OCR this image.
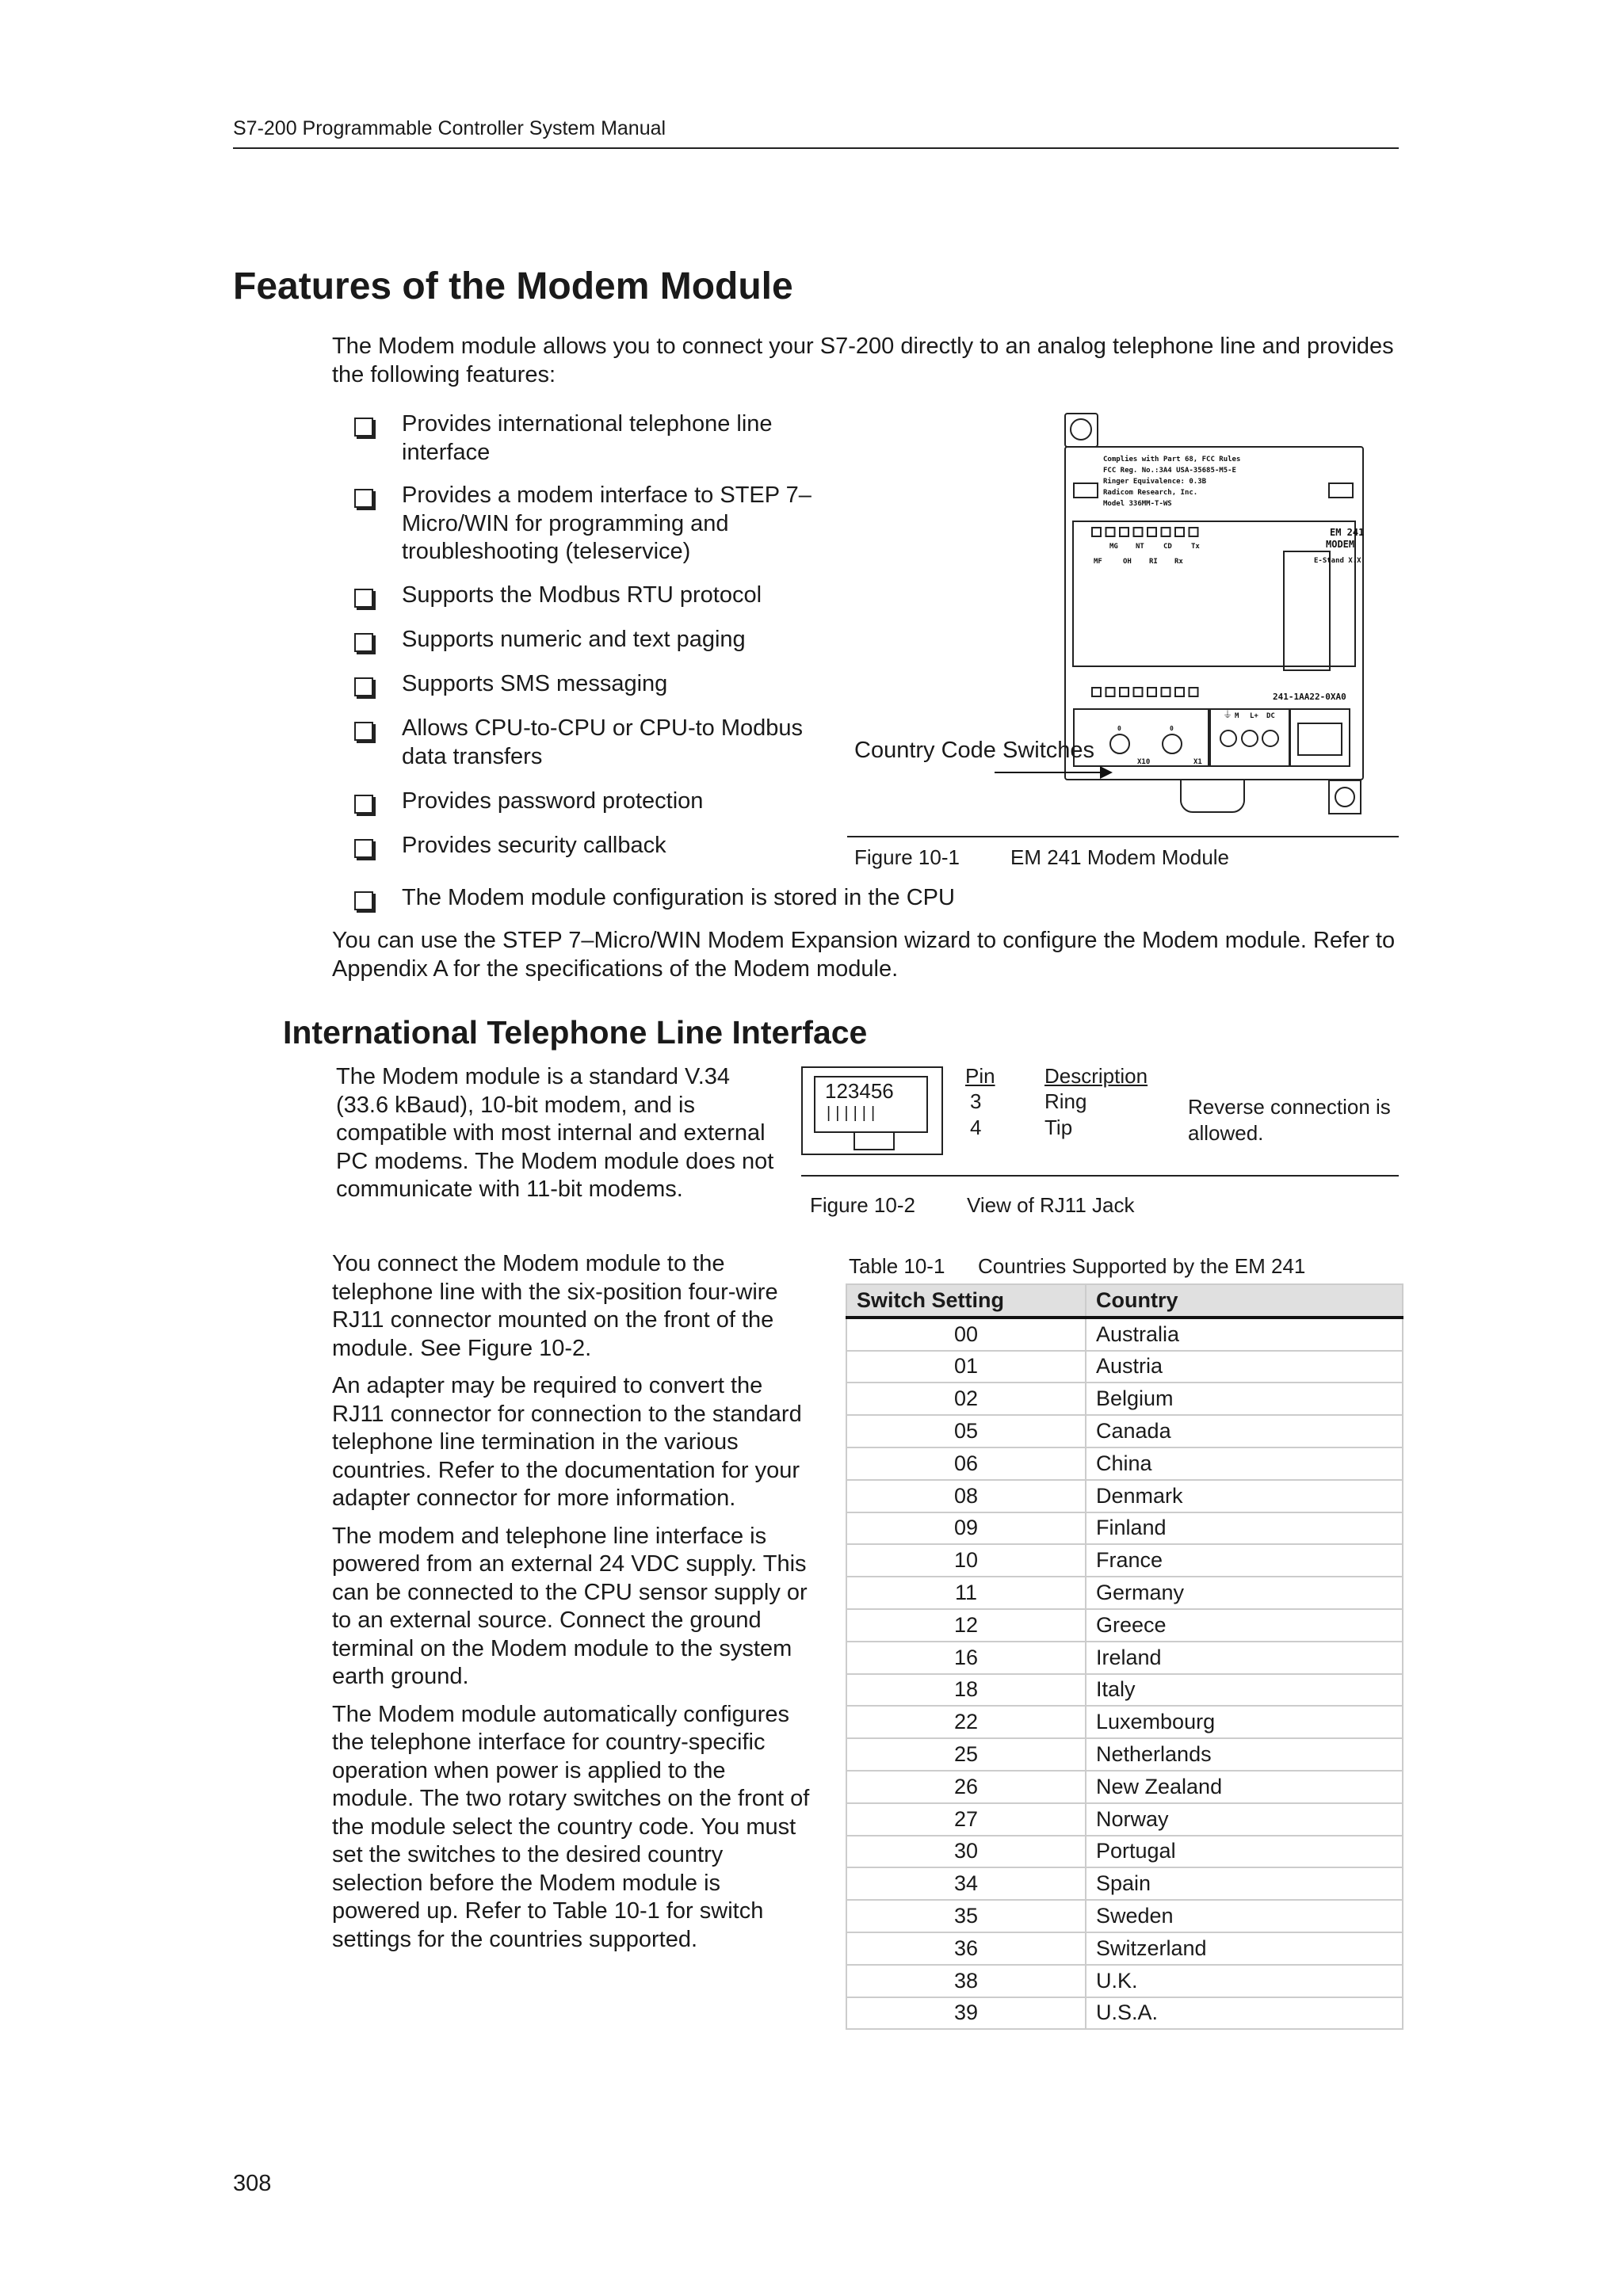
S7-200 Programmable Controller System Manual
Features of the Modem Module
The Modem module allows you to connect your S7-200 directly to an analog telephone line and provides the following features:
Provides international telephone line interface
Provides a modem interface to STEP 7–Micro/WIN for programming and troubleshooting (teleservice)
Supports the Modbus RTU protocol
Supports numeric and text paging
Supports SMS messaging
Allows CPU-to-CPU or CPU-to Modbus data transfers
Provides password protection
Provides security callback
The Modem module configuration is stored in the CPU
Complies with Part 68, FCC Rules
FCC Reg. No.:3A4 USA-35685-M5-E
Ringer Equivalence: 0.3B
Radicom Research, Inc.
Model 336MM-T-WS
MG NT	CD	Tx
MF	OH RI Rx
EM 241
MODEM
E-Stand X.X
241-1AA22-0XA0
M L+ DC
X10	X1
0	0
⏚
Country Code Switches
Figure 10-1 EM 241 Modem Module
You can use the STEP 7–Micro/WIN Modem Expansion wizard to configure the Modem module. Refer to Appendix A for the specifications of the Modem module.
International Telephone Line Interface
The Modem module is a standard V.34 (33.6 kBaud), 10-bit modem, and is compatible with most internal and external PC modems. The Modem module does not communicate with 11-bit modems.
123456
||||||
Pin Description
3	Ring
4	Tip
Reverse connection is allowed.
Figure 10-2	View of RJ11 Jack
You connect the Modem module to the telephone line with the six-position four-wire RJ11 connector mounted on the front of the module. See Figure 10-2.
An adapter may be required to convert the RJ11 connector for connection to the standard telephone line termination in the various countries. Refer to the documentation for your adapter connector for more information.
The modem and telephone line interface is powered from an external 24 VDC supply. This can be connected to the CPU sensor supply or to an external source. Connect the ground terminal on the Modem module to the system earth ground.
The Modem module automatically configures the telephone interface for country-specific operation when power is applied to the module. The two rotary switches on the front of the module select the country code. You must set the switches to the desired country selection before the Modem module is powered up. Refer to Table 10-1 for switch settings for the countries supported.
Table 10-1 Countries Supported by the EM 241
Switch Setting	Country
00	Australia
01	Austria
02	Belgium
05	Canada
06	China
08	Denmark
09	Finland
10	France
11	Germany
12	Greece
16	Ireland
18	Italy
22	Luxembourg
25	Netherlands
26	New Zealand
27	Norway
30	Portugal
34	Spain
35	Sweden
36	Switzerland
38	U.K.
39	U.S.A.
308
